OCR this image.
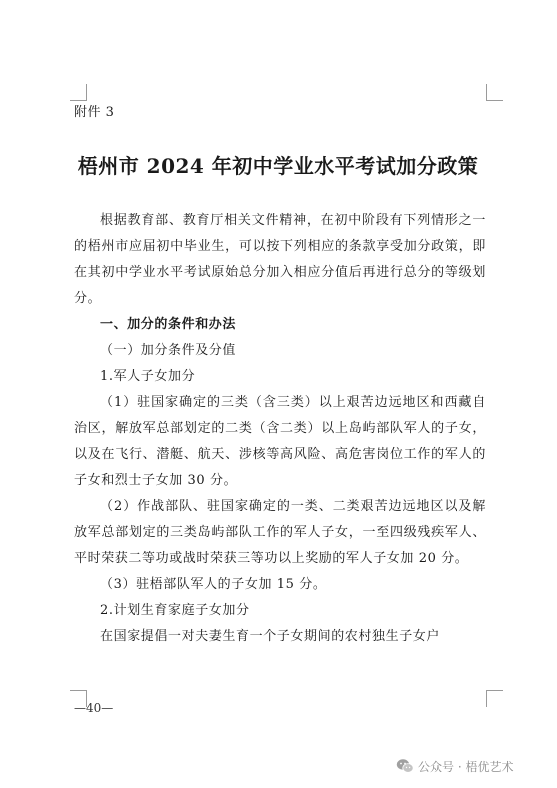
附件 3
梧州市 2024 年初中学业水平考试加分政策

根据教育部、教育厅相关文件精神，在初中阶段有下列情形之一的梧州市应届初中毕业生，可以按下列相应的条款享受加分政策，即在其初中学业水平考试原始总分加入相应分值后再进行总分的等级划分。

一、加分的条件和办法

（一）加分条件及分值

1.军人子女加分

（1）驻国家确定的三类（含三类）以上艰苦边远地区和西藏自治区，解放军总部划定的二类（含二类）以上岛屿部队军人的子女，以及在飞行、潜艇、航天、涉核等高风险、高危害岗位工作的军人的子女和烈士子女加 30 分。

（2）作战部队、驻国家确定的一类、二类艰苦边远地区以及解放军总部划定的三类岛屿部队工作的军人子女，一至四级残疾军人、平时荣获二等功或战时荣获三等功以上奖励的军人子女加 20 分。

（3）驻梧部队军人的子女加 15 分。

2.计划生育家庭子女加分

在国家提倡一对夫妻生育一个子女期间的农村独生子女户

—40—
公众号 · 梧优艺术
